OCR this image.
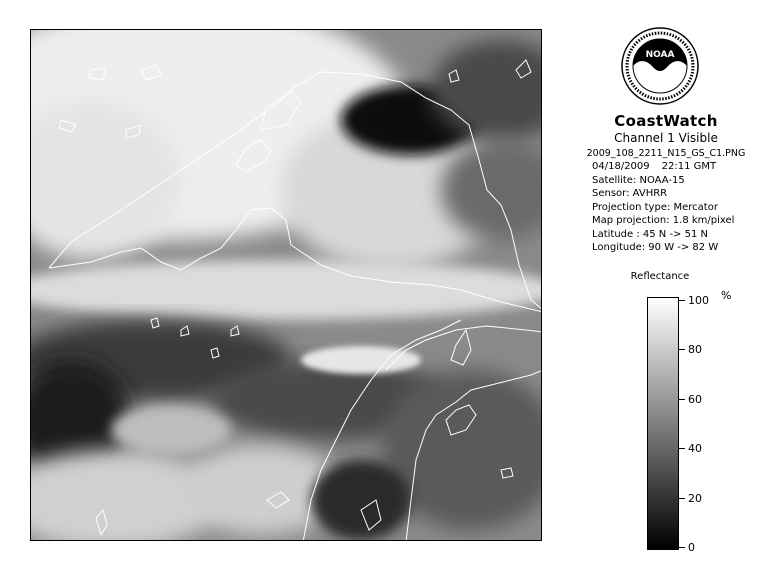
NOAA
CoastWatch
Channel 1 Visible
2009_108_2211_N15_GS_C1.PNG
04/18/2009 22:11 GMT
Satellite: NOAA-15
Sensor: AVHRR
Projection type: Mercator
Map projection: 1.8 km/pixel
Latitude : 45 N -> 51 N
Longitude: 90 W -> 82 W
Reflectance
%
100
80
60
40
20
0
